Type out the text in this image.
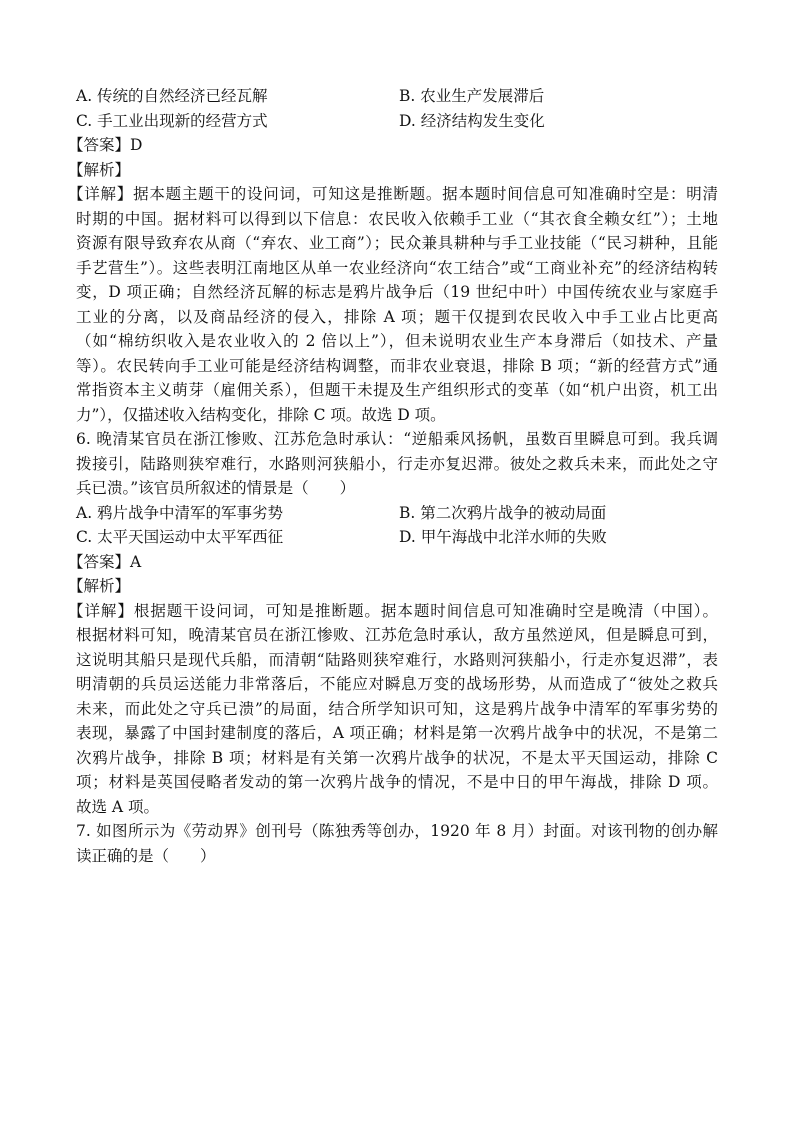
A. 传统的自然经济已经瓦解	B. 农业生产发展滞后
C. 手工业出现新的经营方式	D. 经济结构发生变化
【答案】D
【解析】
【详解】据本题主题干的设问词，可知这是推断题。据本题时间信息可知准确时空是：明清
时期的中国。据材料可以得到以下信息：农民收入依赖手工业（“其衣食全赖女红”）；土地
资源有限导致弃农从商（“弃农、业工商”）；民众兼具耕种与手工业技能（“民习耕种，且能
手艺营生”）。这些表明江南地区从单一农业经济向“农工结合”或“工商业补充”的经济结构转
变，D 项正确；自然经济瓦解的标志是鸦片战争后（19 世纪中叶）中国传统农业与家庭手
工业的分离，以及商品经济的侵入，排除 A 项；题干仅提到农民收入中手工业占比更高
（如“棉纺织收入是农业收入的 2 倍以上”），但未说明农业生产本身滞后（如技术、产量
等）。农民转向手工业可能是经济结构调整，而非农业衰退，排除 B 项；“新的经营方式”通
常指资本主义萌芽（雇佣关系），但题干未提及生产组织形式的变革（如“机户出资，机工出
力”），仅描述收入结构变化，排除 C 项。故选 D 项。
6. 晚清某官员在浙江惨败、江苏危急时承认：“逆船乘风扬帆，虽数百里瞬息可到。我兵调
拨接引，陆路则狭窄难行，水路则河狭船小，行走亦复迟滞。彼处之救兵未来，而此处之守
兵已溃。”该官员所叙述的情景是（　　）
A. 鸦片战争中清军的军事劣势	B. 第二次鸦片战争的被动局面
C. 太平天国运动中太平军西征	D. 甲午海战中北洋水师的失败
【答案】A
【解析】
【详解】根据题干设问词，可知是推断题。据本题时间信息可知准确时空是晚清（中国）。
根据材料可知，晚清某官员在浙江惨败、江苏危急时承认，敌方虽然逆风，但是瞬息可到，
这说明其船只是现代兵船，而清朝“陆路则狭窄难行，水路则河狭船小，行走亦复迟滞”，表
明清朝的兵员运送能力非常落后，不能应对瞬息万变的战场形势，从而造成了“彼处之救兵
未来，而此处之守兵已溃”的局面，结合所学知识可知，这是鸦片战争中清军的军事劣势的
表现，暴露了中国封建制度的落后，A 项正确；材料是第一次鸦片战争中的状况，不是第二
次鸦片战争，排除 B 项；材料是有关第一次鸦片战争的状况，不是太平天国运动，排除 C
项；材料是英国侵略者发动的第一次鸦片战争的情况，不是中日的甲午海战，排除 D 项。
故选 A 项。
7. 如图所示为《劳动界》创刊号（陈独秀等创办，1920 年 8 月）封面。对该刊物的创办解
读正确的是（　　）
